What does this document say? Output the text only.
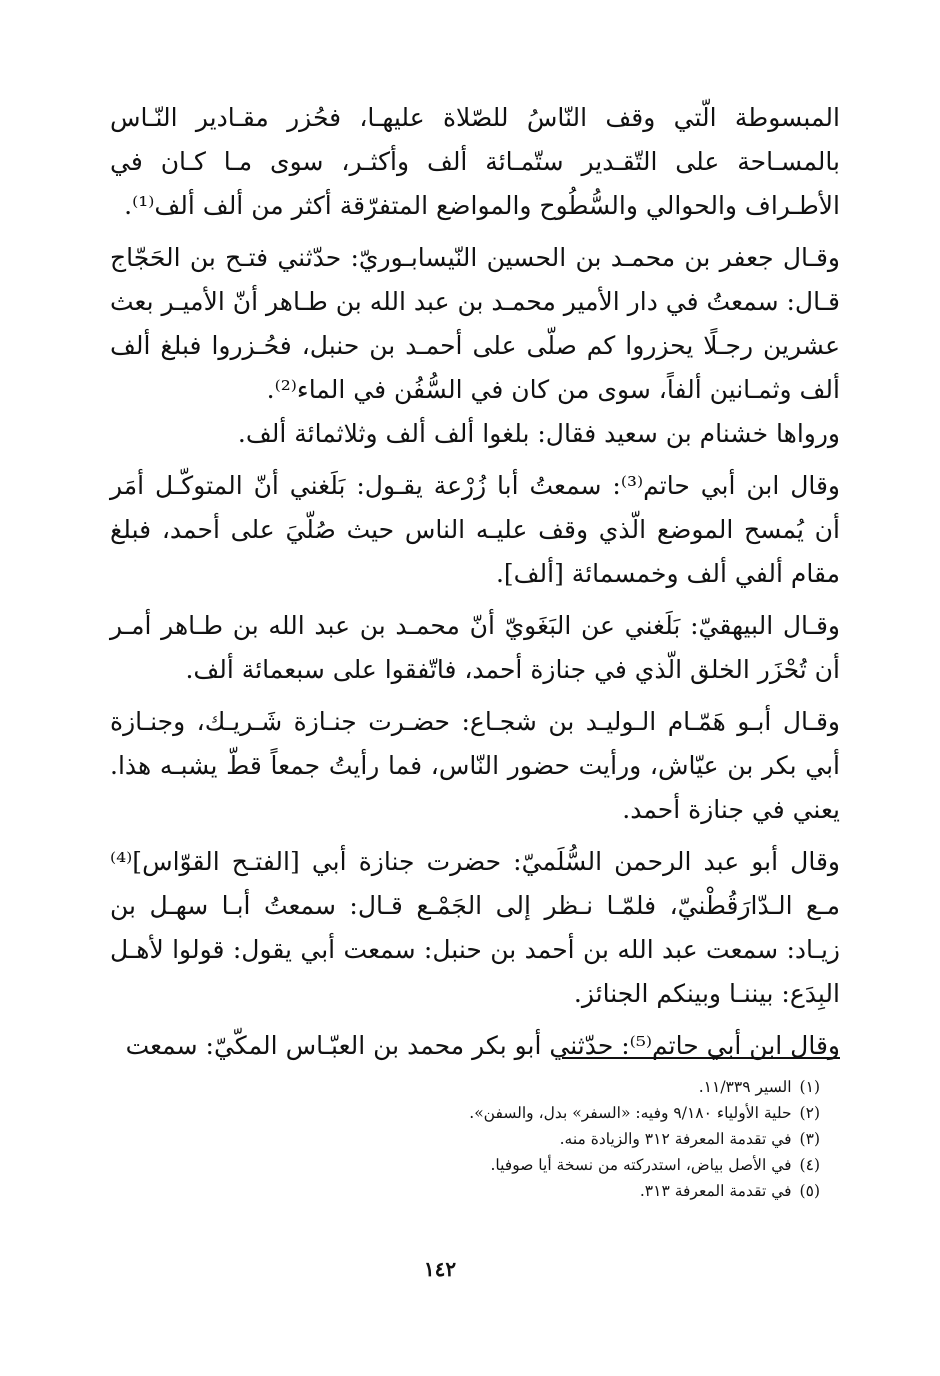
المبسوطة الّتي وقف النّاسُ للصّلاة عليهـا، فحُزر مقـادير النّـاس بالمسـاحة على التّقـدير ستّمـائة ألف وأكثـر، سوى مـا كـان في الأطـراف والحوالي والسُّطُوح والمواضع المتفرّقة أكثر من ألف ألف⁽¹⁾.

وقـال جعفر بن محمـد بن الحسين النّيسابـوريّ: حدّثني فتـح بن الحَجّاج قـال: سمعتُ في دار الأمير محمـد بن عبد الله بن طـاهر أنّ الأميـر بعث عشرين رجـلًا يحزروا كم صلّى على أحمـد بن حنبل، فحُـزروا فبلغ ألف ألف وثمـانين ألفاً، سوى من كان في السُّفُن في الماء⁽²⁾.

ورواها خشنام بن سعيد فقال: بلغوا ألف ألف وثلاثمائة ألف.

وقال ابن أبي حاتم⁽³⁾: سمعتُ أبا زُرْعة يقـول: بَلَغني أنّ المتوكّـل أمَر أن يُمسح الموضع الّذي وقف عليـه الناس حيث صُلّيَ على أحمد، فبلغ مقام ألفي ألف وخمسمائة [ألف].

وقـال البيهقيّ: بَلَغني عن البَغَويّ أنّ محمـد بن عبد الله بن طـاهر أمـر أن تُحْزَر الخلق الّذي في جنازة أحمد، فاتّفقوا على سبعمائة ألف.

وقـال أبـو هَمّـام الـوليـد بن شجـاع: حضـرت جنـازة شَـريـك، وجنـازة أبي بكر بن عيّاش، ورأيت حضور النّاس، فما رأيتُ جمعاً قطّ يشبـه هذا. يعني في جنازة أحمد.

وقال أبو عبد الرحمن السُّلَميّ: حضرت جنازة أبي [الفتـح القوّاس]⁽⁴⁾ مـع الـدّارَقُطْنيّ، فلمّـا نـظر إلى الجَمْـع قـال: سمعتُ أبـا سهـل بن زيـاد: سمعت عبد الله بن أحمد بن حنبل: سمعت أبي يقول: قولوا لأهـل البِدَع: بيننـا وبينكم الجنائز.

وقال ابن أبي حاتم⁽⁵⁾: حدّثني أبو بكر محمد بن العبّـاس المكّيّ: سمعت

(١)السير ١١/٣٣٩.
(٢)حلية الأولياء ٩/١٨٠ وفيه: «السفر» بدل، والسفن».
(٣)في تقدمة المعرفة ٣١٢ والزيادة منه.
(٤)في الأصل بياض، استدركته من نسخة أيا صوفيا.
(٥)في تقدمة المعرفة ٣١٣.
١٤٢
